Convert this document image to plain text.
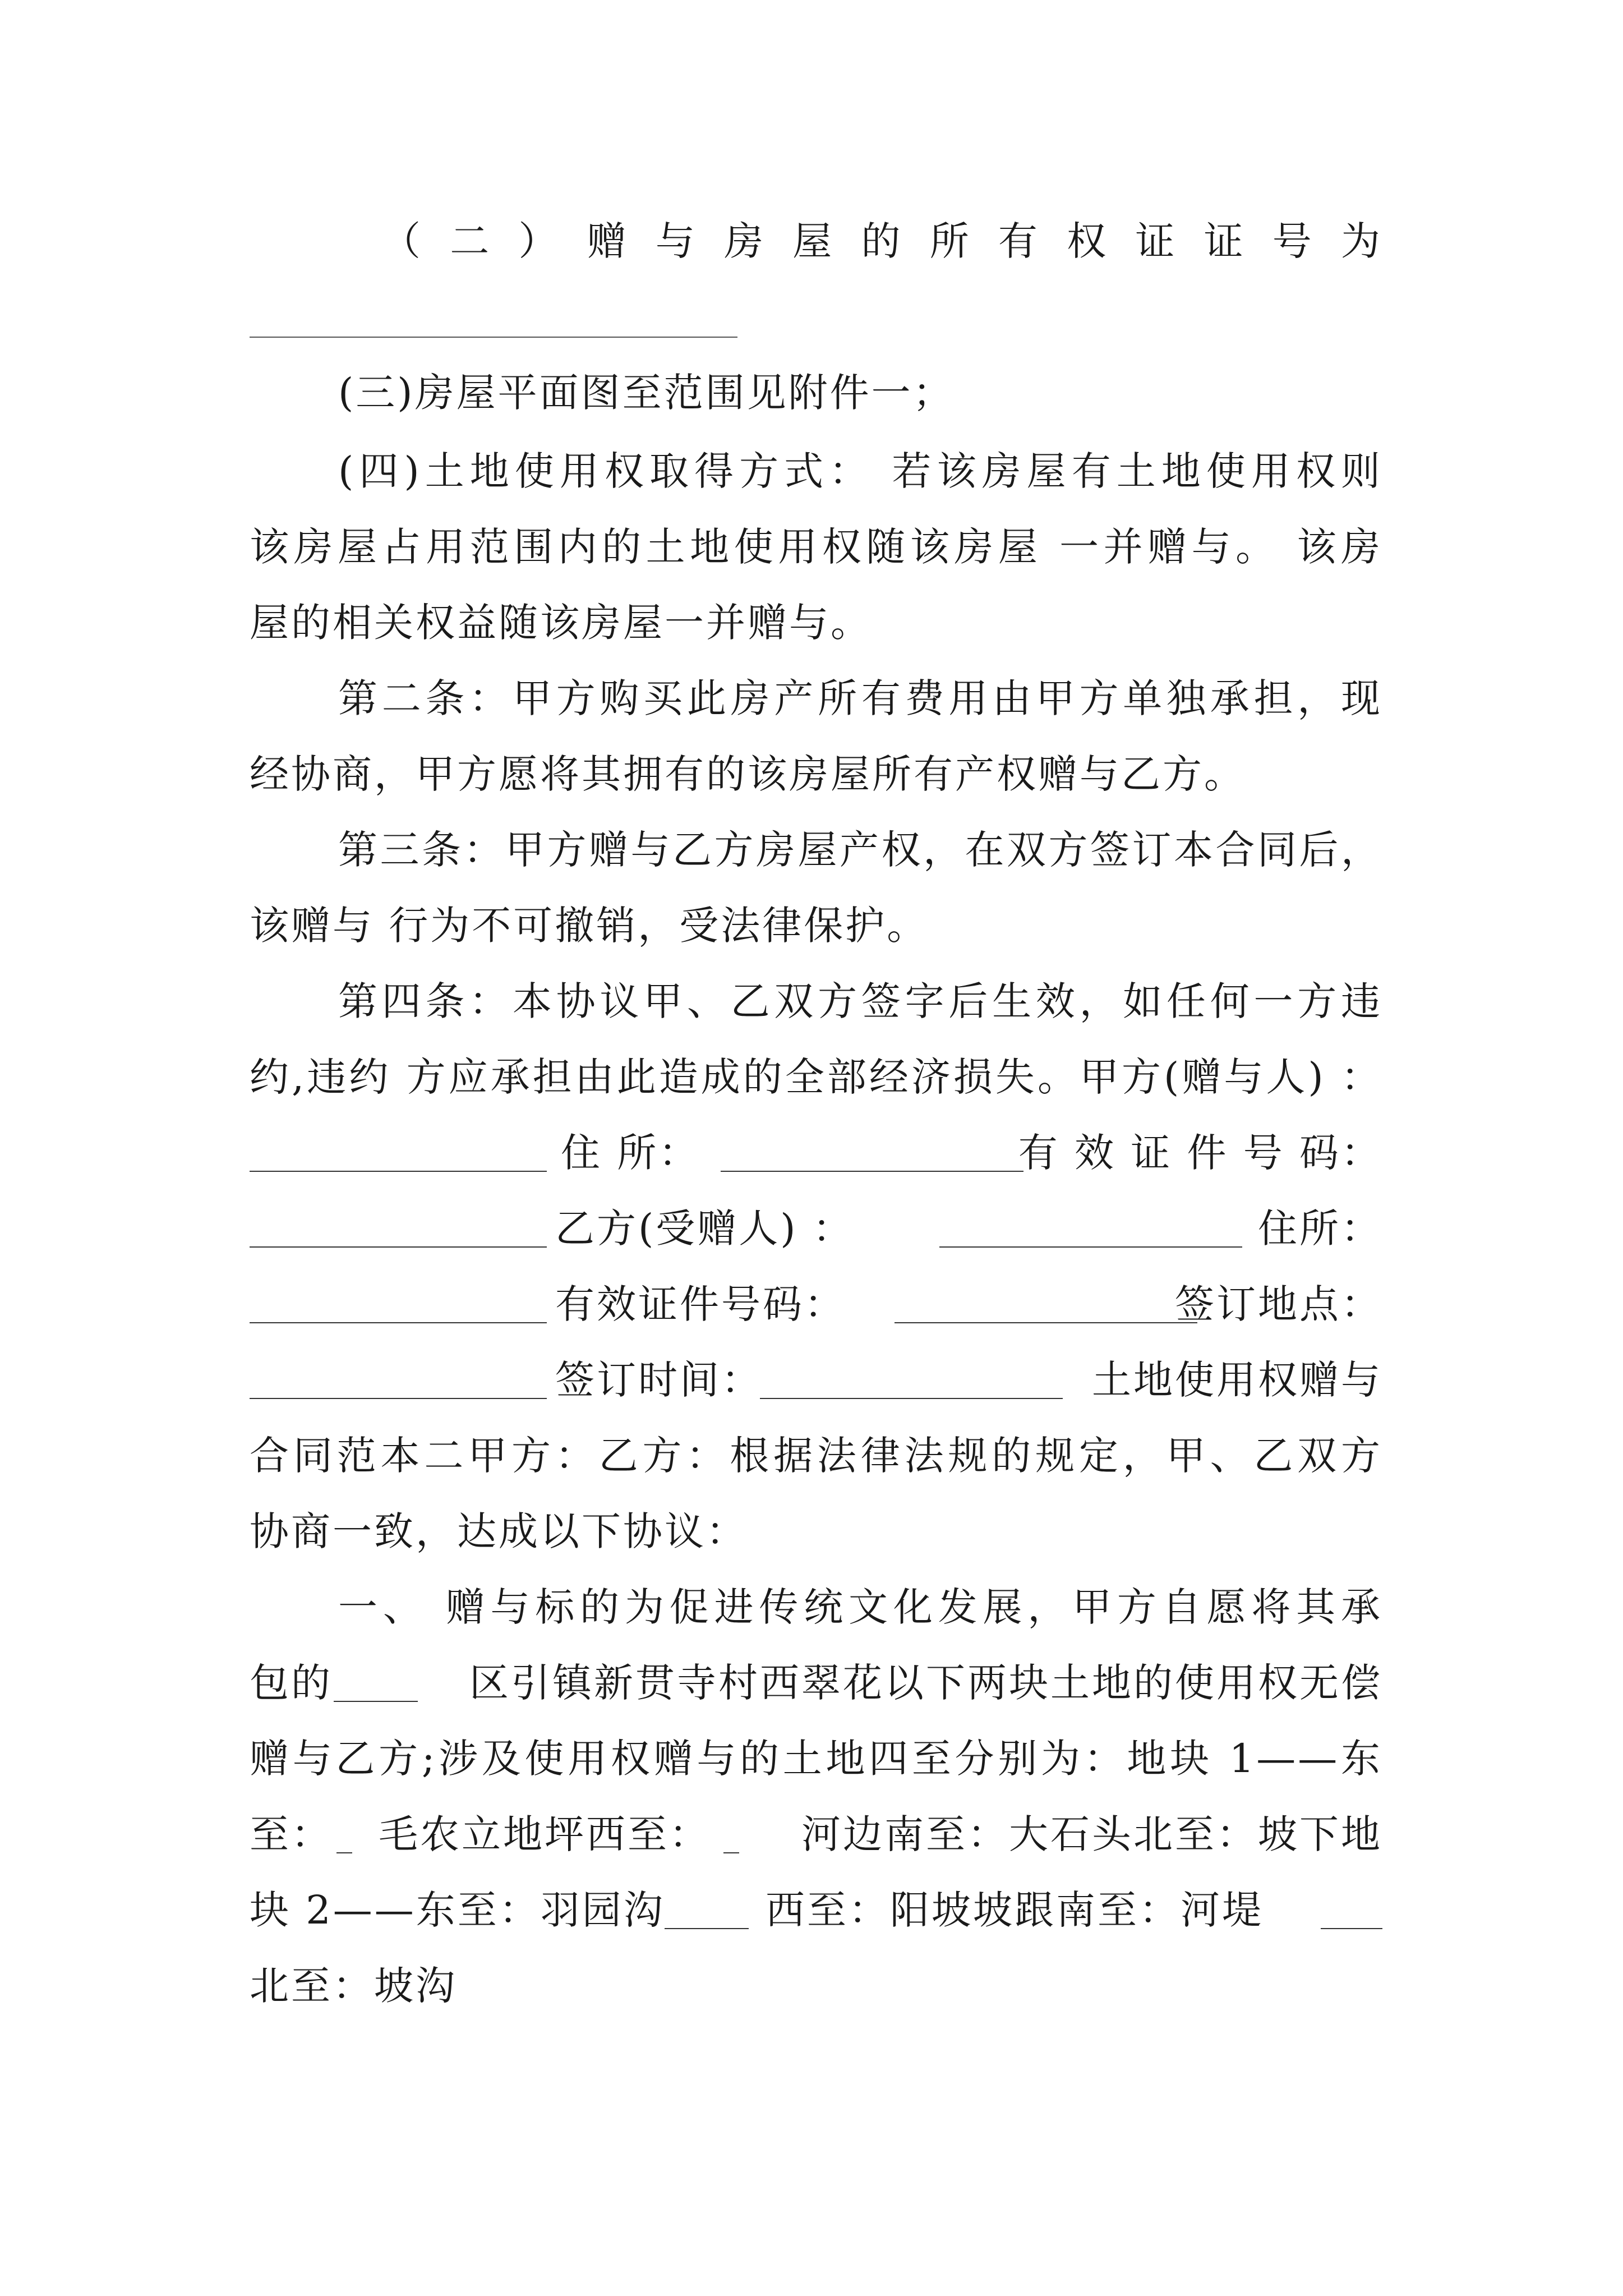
（ 二 ） 赠 与 房 屋 的 所 有 权 证 证 号 为
(三)房屋平面图至范围见附件一；
(四)土地使用权取得方式： 若该房屋有土地使用权则
该房屋占用范围内的土地使用权随该房屋 一并赠与。 该房
屋的相关权益随该房屋一并赠与。
第二条：甲方购买此房产所有费用由甲方单独承担，现
经协商，甲方愿将其拥有的该房屋所有产权赠与乙方。
第三条：甲方赠与乙方房屋产权，在双方签订本合同后，
该赠与 行为不可撤销，受法律保护。
第四条：本协议甲、乙双方签字后生效，如任何一方违
约,违约 方应承担由此造成的全部经济损失。甲方(赠与人) ：
住 所：	有 效 证 件 号 码：
乙方(受赠人) ：	住所：
有效证件号码：	签订地点：
签订时间：	土地使用权赠与
合同范本二甲方：乙方：根据法律法规的规定，甲、乙双方
协商一致，达成以下协议：
一、 赠与标的为促进传统文化发展，甲方自愿将其承
包的	区引镇新贯寺村西翠花以下两块土地的使用权无偿
赠与乙方;涉及使用权赠与的土地四至分别为：地块 1——东
至： 毛农立地坪西至： 河边南至：大石头北至：坡下地
块 2——东至：羽园沟	西至：阳坡坡跟南至：河堤
北至：坡沟
